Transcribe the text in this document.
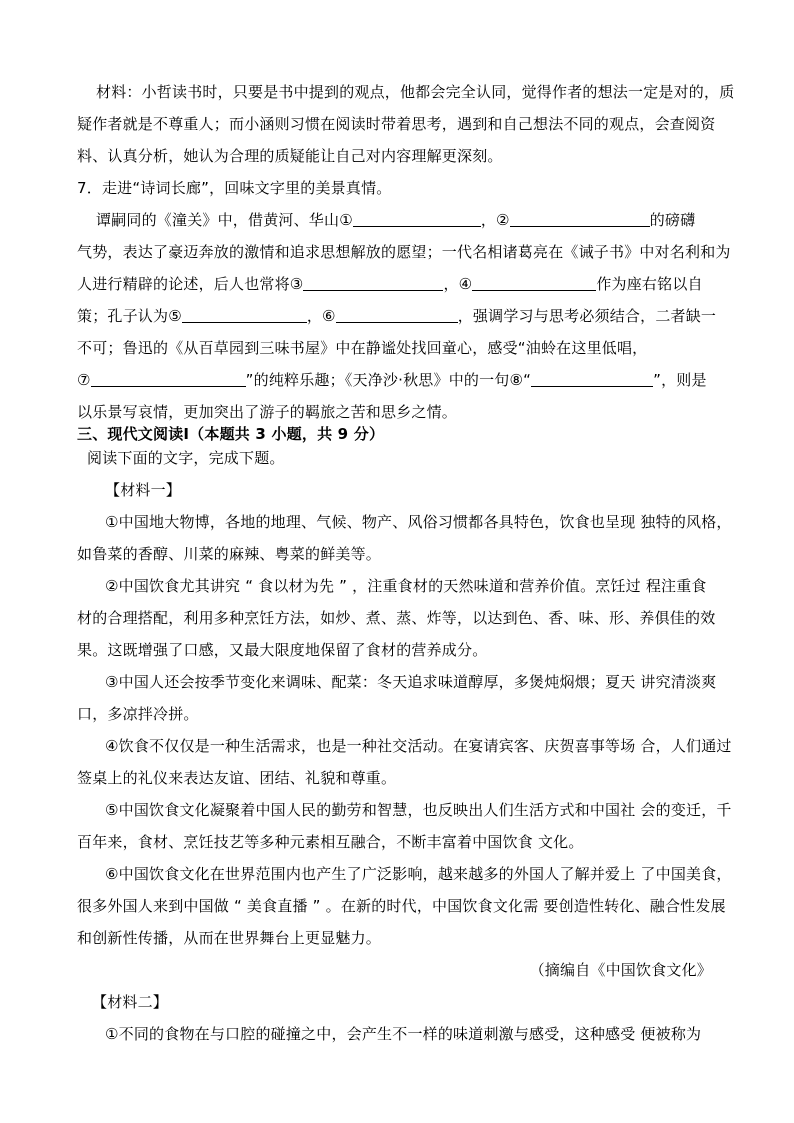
材料：小哲读书时，只要是书中提到的观点，他都会完全认同，觉得作者的想法一定是对的，质
疑作者就是不尊重人；而小涵则习惯在阅读时带着思考，遇到和自己想法不同的观点，会查阅资
料、认真分析，她认为合理的质疑能让自己对内容理解更深刻。
7．走进“诗词长廊”，回味文字里的美景真情。
谭嗣同的《潼关》中，借黄河、华山①	，②	的磅礴
气势，表达了豪迈奔放的激情和追求思想解放的愿望；一代名相诸葛亮在《诫子书》中对名利和为
人进行精辟的论述，后人也常将③	，④	作为座右铭以自
策；孔子认为⑤	，⑥	，强调学习与思考必须结合，二者缺一
不可；鲁迅的《从百草园到三味书屋》中在静谧处找回童心，感受“油蛉在这里低唱，
⑦	”的纯粹乐趣；《天净沙·秋思》中的一句⑧“	”，则是
以乐景写哀情，更加突出了游子的羁旅之苦和思乡之情。
三、现代文阅读Ⅰ（本题共 3 小题，共 9 分）
阅读下面的文字，完成下题。
【材料一】
①中国地大物博，各地的地理、气候、物产、风俗习惯都各具特色，饮食也呈现 独特的风格，
如鲁菜的香醇、川菜的麻辣、粤菜的鲜美等。
②中国饮食尤其讲究 “ 食以材为先 ” ，注重食材的天然味道和营养价值。烹饪过 程注重食
材的合理搭配，利用多种烹饪方法，如炒、煮、蒸、炸等，以达到色、香、味、形、养俱佳的效
果。这既增强了口感，又最大限度地保留了食材的营养成分。
③中国人还会按季节变化来调味、配菜：冬天追求味道醇厚，多煲炖焖煨；夏天 讲究清淡爽
口，多凉拌冷拼。
④饮食不仅仅是一种生活需求，也是一种社交活动。在宴请宾客、庆贺喜事等场 合，人们通过
签桌上的礼仪来表达友谊、团结、礼貌和尊重。
⑤中国饮食文化凝聚着中国人民的勤劳和智慧，也反映出人们生活方式和中国社 会的变迁，千
百年来，食材、烹饪技艺等多种元素相互融合，不断丰富着中国饮食 文化。
⑥中国饮食文化在世界范围内也产生了广泛影响，越来越多的外国人了解并爱上 了中国美食，
很多外国人来到中国做 “ 美食直播 ” 。在新的时代，中国饮食文化需 要创造性转化、融合性发展
和创新性传播，从而在世界舞台上更显魅力。
（摘编自《中国饮食文化》
【材料二】
①不同的食物在与口腔的碰撞之中，会产生不一样的味道刺激与感受，这种感受 便被称为
